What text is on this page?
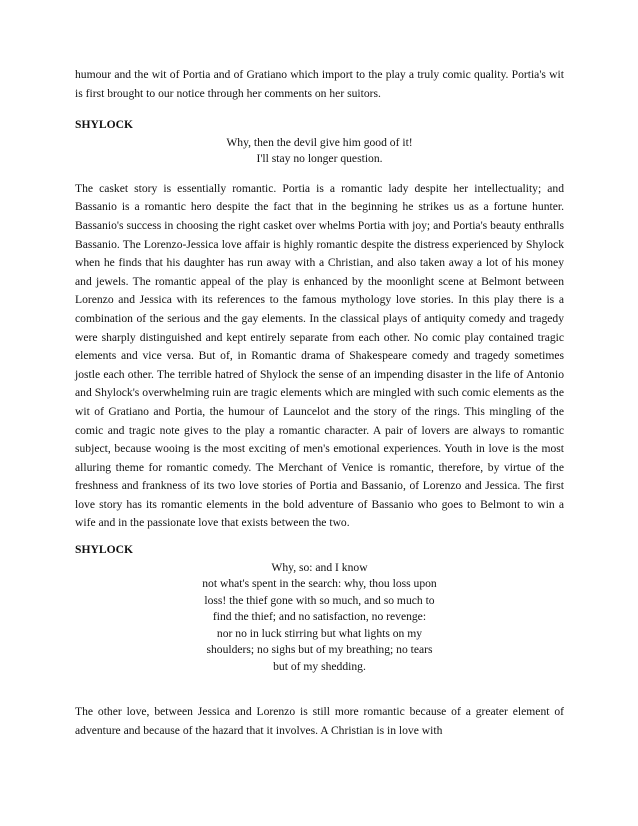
humour and the wit of Portia and of Gratiano which import to the play a truly comic quality. Portia's wit is first brought to our notice through her comments on her suitors.

SHYLOCK

Why, then the devil give him good of it!
I'll stay no longer question.

The casket story is essentially romantic. Portia is a romantic lady despite her intellectuality; and Bassanio is a romantic hero despite the fact that in the beginning he strikes us as a fortune hunter. Bassanio's success in choosing the right casket over whelms Portia with joy; and Portia's beauty enthralls Bassanio. The Lorenzo-Jessica love affair is highly romantic despite the distress experienced by Shylock when he finds that his daughter has run away with a Christian, and also taken away a lot of his money and jewels. The romantic appeal of the play is enhanced by the moonlight scene at Belmont between Lorenzo and Jessica with its references to the famous mythology love stories. In this play there is a combination of the serious and the gay elements. In the classical plays of antiquity comedy and tragedy were sharply distinguished and kept entirely separate from each other. No comic play contained tragic elements and vice versa. But of, in Romantic drama of Shakespeare comedy and tragedy sometimes jostle each other. The terrible hatred of Shylock the sense of an impending disaster in the life of Antonio and Shylock's overwhelming ruin are tragic elements which are mingled with such comic elements as the wit of Gratiano and Portia, the humour of Launcelot and the story of the rings. This mingling of the comic and tragic note gives to the play a romantic character. A pair of lovers are always to romantic subject, because wooing is the most exciting of men's emotional experiences. Youth in love is the most alluring theme for romantic comedy. The Merchant of Venice is romantic, therefore, by virtue of the freshness and frankness of its two love stories of Portia and Bassanio, of Lorenzo and Jessica. The first love story has its romantic elements in the bold adventure of Bassanio who goes to Belmont to win a wife and in the passionate love that exists between the two.

SHYLOCK

Why, so: and I know
not what's spent in the search: why, thou loss upon
loss! the thief gone with so much, and so much to
find the thief; and no satisfaction, no revenge:
nor no in luck stirring but what lights on my
shoulders; no sighs but of my breathing; no tears
but of my shedding.

The other love, between Jessica and Lorenzo is still more romantic because of a greater element of adventure and because of the hazard that it involves. A Christian is in love with
